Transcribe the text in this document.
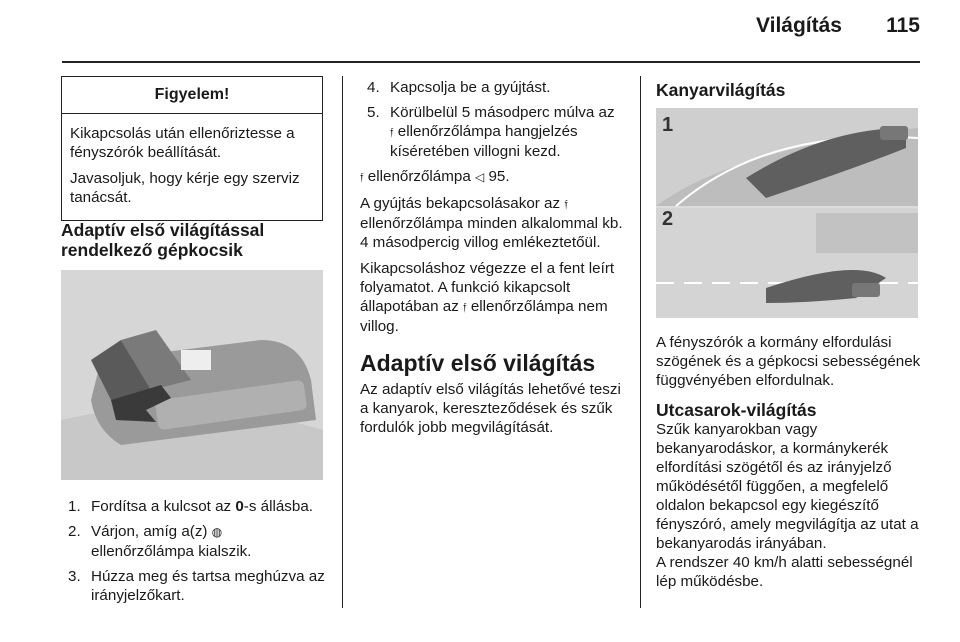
Világítás 115
Figyelem!

Kikapcsolás után ellenőriztesse a fényszórók beállítását.

Javasoljuk, hogy kérje egy szerviz tanácsát.

Adaptív első világítással
rendelkező gépkocsik
1. Fordítsa a kulcsot az 0-s állásba.
2. Várjon, amíg a(z) ◍
ellenőrzőlámpa kialszik.
3. Húzza meg és tartsa meghúzva az irányjelzőkart.
4. Kapcsolja be a gyújtást.
5. Körülbelül 5 másodperc múlva az
𝔣 ellenőrzőlámpa hangjelzés kíséretében villogni kezd.

𝔣 ellenőrzőlámpa ◁ 95.

A gyújtás bekapcsolásakor az 𝔣 ellenőrzőlámpa minden alkalommal kb. 4 másodpercig villog emlékeztetőül.

Kikapcsoláshoz végezze el a fent leírt folyamatot. A funkció kikapcsolt állapotában az 𝔣 ellenőrzőlámpa nem villog.

Adaptív első világítás

Az adaptív első világítás lehetővé teszi a kanyarok, kereszteződések és szűk fordulók jobb megvilágítását.

Kanyarvilágítás
1
2

A fényszórók a kormány elfordulási szögének és a gépkocsi sebességének függvényében elfordulnak.

Utcasarok-világítás

Szűk kanyarokban vagy bekanyarodáskor, a kormánykerék elfordítási szögétől és az irányjelző működésétől függően, a megfelelő oldalon bekapcsol egy kiegészítő fényszóró, amely megvilágítja az utat a bekanyarodás irányában.

A rendszer 40 km/h alatti sebességnél lép működésbe.
